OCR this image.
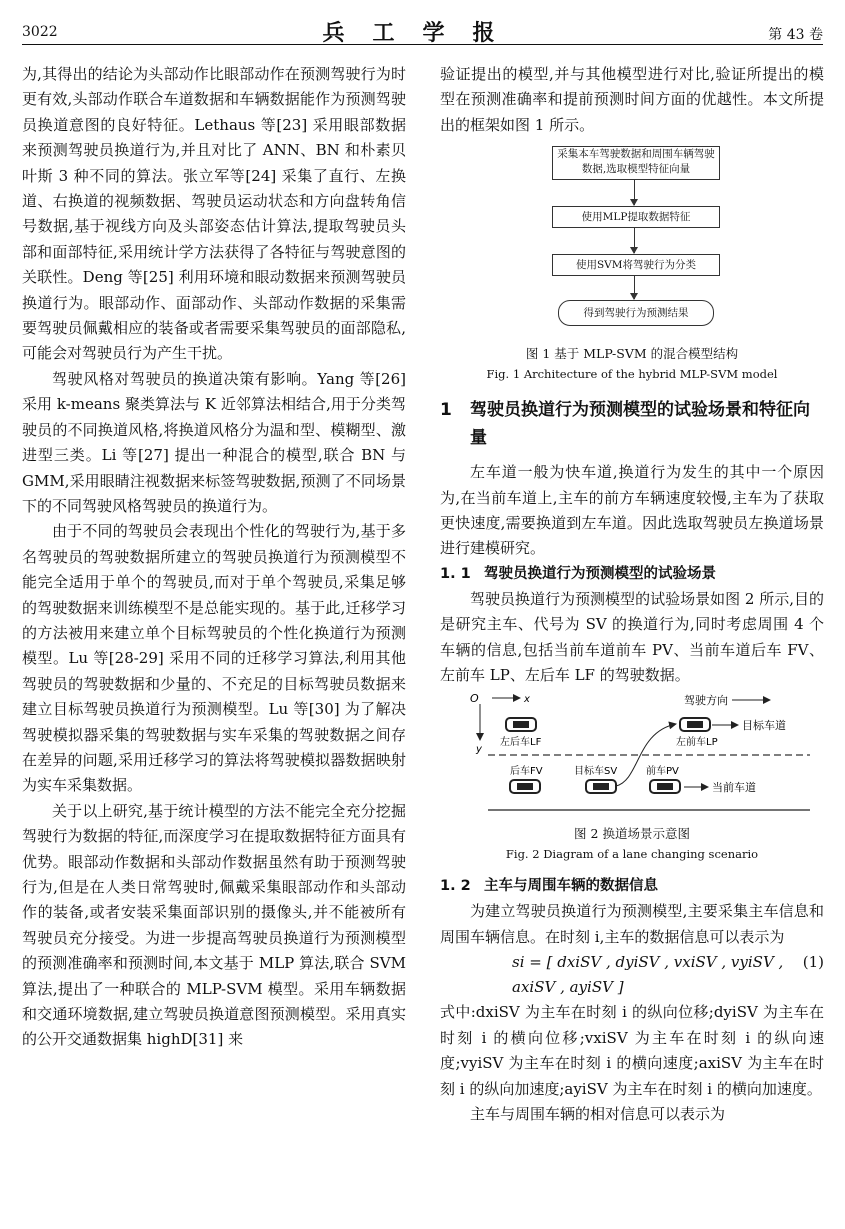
3022	兵工学报	第 43 卷

为,其得出的结论为头部动作比眼部动作在预测驾驶行为时更有效,头部动作联合车道数据和车辆数据能作为预测驾驶员换道意图的良好特征。Lethaus 等[23] 采用眼部数据来预测驾驶员换道行为,并且对比了 ANN、BN 和朴素贝叶斯 3 种不同的算法。张立军等[24] 采集了直行、左换道、右换道的视频数据、驾驶员运动状态和方向盘转角信号数据,基于视线方向及头部姿态估计算法,提取驾驶员头部和面部特征,采用统计学方法获得了各特征与驾驶意图的关联性。Deng 等[25] 利用环境和眼动数据来预测驾驶员换道行为。眼部动作、面部动作、头部动作数据的采集需要驾驶员佩戴相应的装备或者需要采集驾驶员的面部隐私,可能会对驾驶员行为产生干扰。

驾驶风格对驾驶员的换道决策有影响。Yang 等[26] 采用 k-means 聚类算法与 K 近邻算法相结合,用于分类驾驶员的不同换道风格,将换道风格分为温和型、模糊型、激进型三类。Li 等[27] 提出一种混合的模型,联合 BN 与 GMM,采用眼睛注视数据来标签驾驶数据,预测了不同场景下的不同驾驶风格驾驶员的换道行为。

由于不同的驾驶员会表现出个性化的驾驶行为,基于多名驾驶员的驾驶数据所建立的驾驶员换道行为预测模型不能完全适用于单个的驾驶员,而对于单个驾驶员,采集足够的驾驶数据来训练模型不是总能实现的。基于此,迁移学习的方法被用来建立单个目标驾驶员的个性化换道行为预测模型。Lu 等[28-29] 采用不同的迁移学习算法,利用其他驾驶员的驾驶数据和少量的、不充足的目标驾驶员数据来建立目标驾驶员换道行为预测模型。Lu 等[30] 为了解决驾驶模拟器采集的驾驶数据与实车采集的驾驶数据之间存在差异的问题,采用迁移学习的算法将驾驶模拟器数据映射为实车采集数据。

关于以上研究,基于统计模型的方法不能完全充分挖掘驾驶行为数据的特征,而深度学习在提取数据特征方面具有优势。眼部动作数据和头部动作数据虽然有助于预测驾驶行为,但是在人类日常驾驶时,佩戴采集眼部动作和头部动作的装备,或者安装采集面部识别的摄像头,并不能被所有驾驶员充分接受。为进一步提高驾驶员换道行为预测模型的预测准确率和预测时间,本文基于 MLP 算法,联合 SVM 算法,提出了一种联合的 MLP-SVM 模型。采用车辆数据和交通环境数据,建立驾驶员换道意图预测模型。采用真实的公开交通数据集 highD[31] 来

验证提出的模型,并与其他模型进行对比,验证所提出的模型在预测准确率和提前预测时间方面的优越性。本文所提出的框架如图 1 所示。

采集本车驾驶数据和周围车辆驾驶数据,选取模型特征向量
使用MLP提取数据特征
使用SVM将驾驶行为分类
得到驾驶行为预测结果

图 1 基于 MLP-SVM 的混合模型结构

Fig. 1 Architecture of the hybrid MLP-SVM model

1	驾驶员换道行为预测模型的试验场景和特征向量

左车道一般为快车道,换道行为发生的其中一个原因为,在当前车道上,主车的前方车辆速度较慢,主车为了获取更快速度,需要换道到左车道。因此选取驾驶员左换道场景进行建模研究。

1. 1 驾驶员换道行为预测模型的试验场景

驾驶员换道行为预测模型的试验场景如图 2 所示,目的是研究主车、代号为 SV 的换道行为,同时考虑周围 4 个车辆的信息,包括当前车道前车 PV、当前车道后车 FV、左前车 LP、左后车 LF 的驾驶数据。

O	x
y
驾驶方向
左后车LF	左前车LP
目标车道
后车FV	目标车SV	前车PV
当前车道

图 2 换道场景示意图

Fig. 2 Diagram of a lane changing scenario

1. 2 主车与周围车辆的数据信息

为建立驾驶员换道行为预测模型,主要采集主车信息和周围车辆信息。在时刻 i,主车的数据信息可以表示为

si = [ dxiSV , dyiSV , vxiSV , vyiSV , axiSV , ayiSV ]
(1)

式中:dxiSV 为主车在时刻 i 的纵向位移;dyiSV 为主车在时刻 i 的横向位移;vxiSV 为主车在时刻 i 的纵向速度;vyiSV 为主车在时刻 i 的横向速度;axiSV 为主车在时刻 i 的纵向加速度;ayiSV 为主车在时刻 i 的横向加速度。

主车与周围车辆的相对信息可以表示为
